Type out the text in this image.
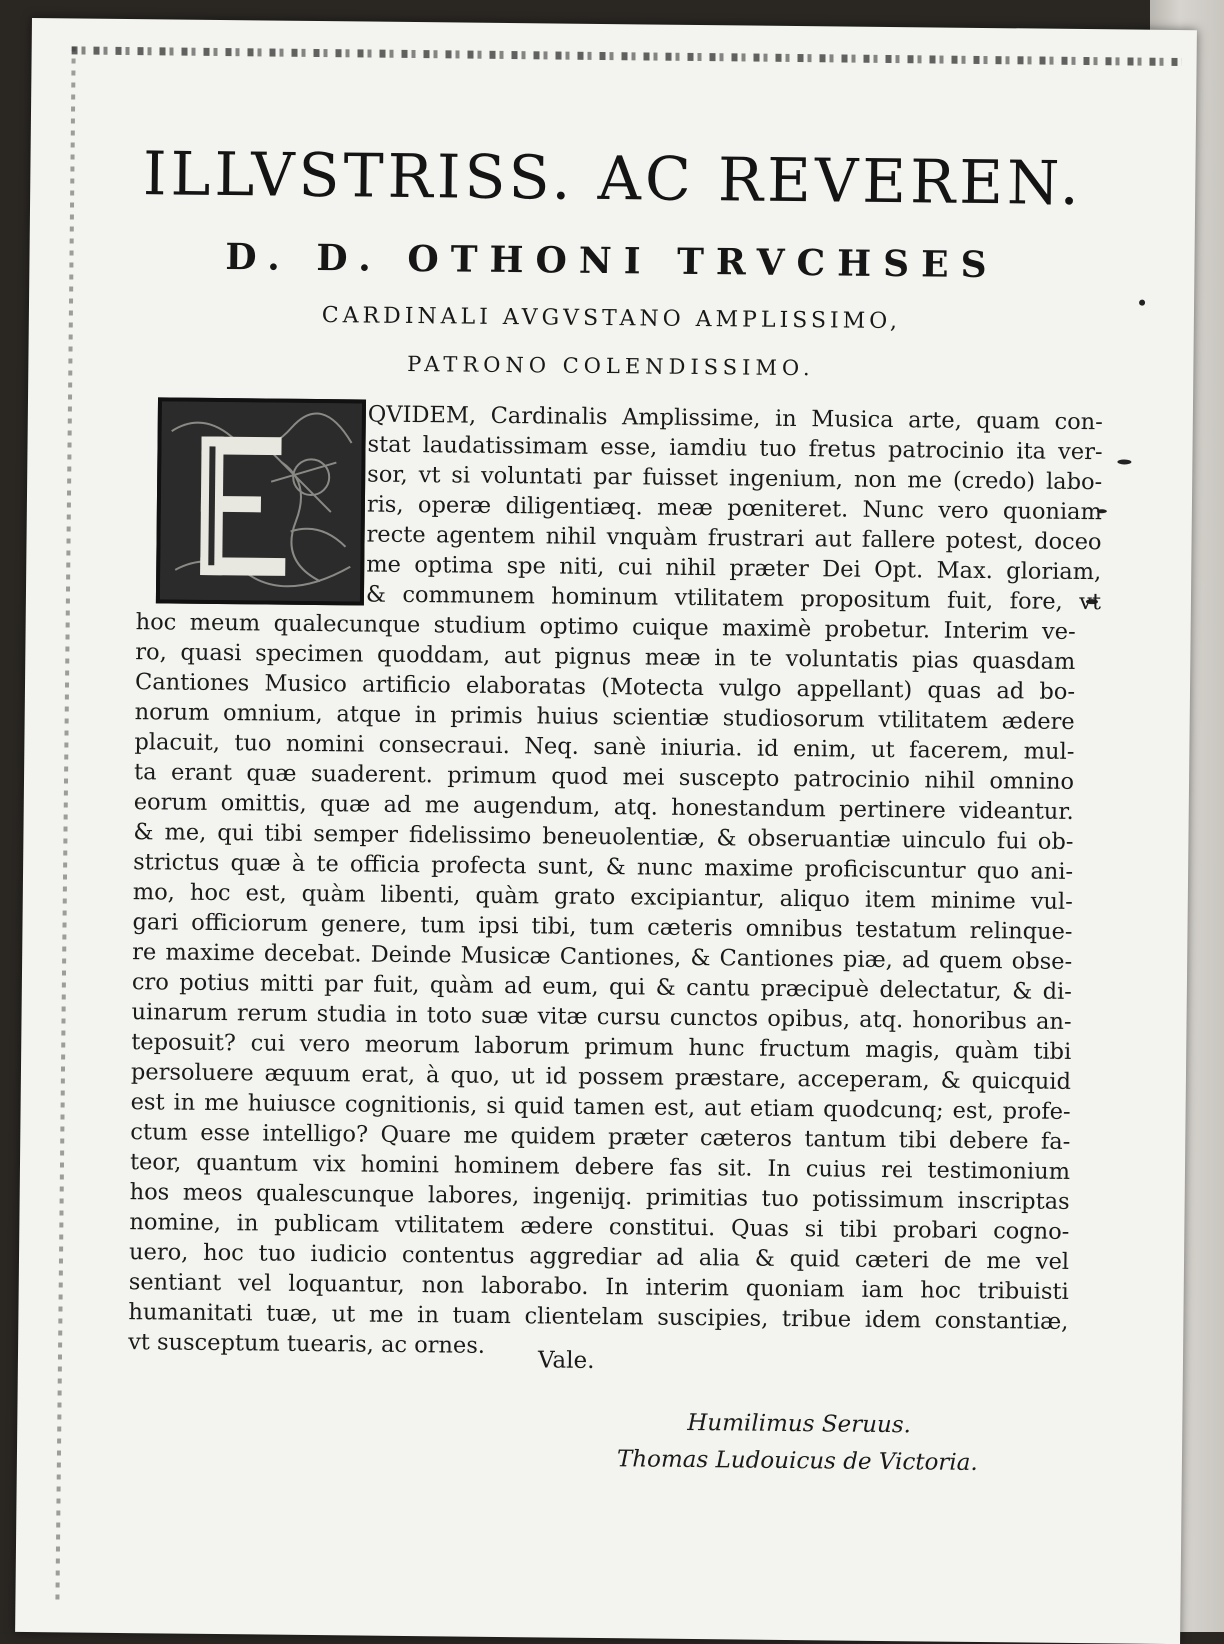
ILLVSTRISS. AC REVEREN.
D. D. OTHONI TRVCHSES
CARDINALI AVGVSTANO AMPLISSIMO,
PATRONO COLENDISSIMO.
QVIDEM, Cardinalis Amplissime, in Musica arte, quam con-
stat laudatissimam esse, iamdiu tuo fretus patrocinio ita ver-
sor, vt si voluntati par fuisset ingenium, non me (credo) labo-
ris, operæ diligentiæq. meæ pœniteret. Nunc vero quoniam
recte agentem nihil vnquàm frustrari aut fallere potest, doceo
me optima spe niti, cui nihil præter Dei Opt. Max. gloriam,
& communem hominum vtilitatem propositum fuit, fore, vt
hoc meum qualecunque studium optimo cuique maximè probetur. Interim ve-
ro, quasi specimen quoddam, aut pignus meæ in te voluntatis pias quasdam
Cantiones Musico artificio elaboratas (Motecta vulgo appellant) quas ad bo-
norum omnium, atque in primis huius scientiæ studiosorum vtilitatem ædere
placuit, tuo nomini consecraui. Neq. sanè iniuria. id enim, ut facerem, mul-
ta erant quæ suaderent. primum quod mei suscepto patrocinio nihil omnino
eorum omittis, quæ ad me augendum, atq. honestandum pertinere videantur.
& me, qui tibi semper fidelissimo beneuolentiæ, & obseruantiæ uinculo fui ob-
strictus quæ à te officia profecta sunt, & nunc maxime proficiscuntur quo ani-
mo, hoc est, quàm libenti, quàm grato excipiantur, aliquo item minime vul-
gari officiorum genere, tum ipsi tibi, tum cæteris omnibus testatum relinque-
re maxime decebat. Deinde Musicæ Cantiones, & Cantiones piæ, ad quem obse-
cro potius mitti par fuit, quàm ad eum, qui & cantu præcipuè delectatur, & di-
uinarum rerum studia in toto suæ vitæ cursu cunctos opibus, atq. honoribus an-
teposuit? cui vero meorum laborum primum hunc fructum magis, quàm tibi
persoluere æquum erat, à quo, ut id possem præstare, acceperam, & quicquid
est in me huiusce cognitionis, si quid tamen est, aut etiam quodcunq; est, profe-
ctum esse intelligo? Quare me quidem præter cæteros tantum tibi debere fa-
teor, quantum vix homini hominem debere fas sit. In cuius rei testimonium
hos meos qualescunque labores, ingenijq. primitias tuo potissimum inscriptas
nomine, in publicam vtilitatem ædere constitui. Quas si tibi probari cogno-
uero, hoc tuo iudicio contentus aggrediar ad alia & quid cæteri de me vel
sentiant vel loquantur, non laborabo. In interim quoniam iam hoc tribuisti
humanitati tuæ, ut me in tuam clientelam suscipies, tribue idem constantiæ,
vt susceptum tuearis, ac ornes.
Vale.
Humilimus Seruus.
Thomas Ludouicus de Victoria.
